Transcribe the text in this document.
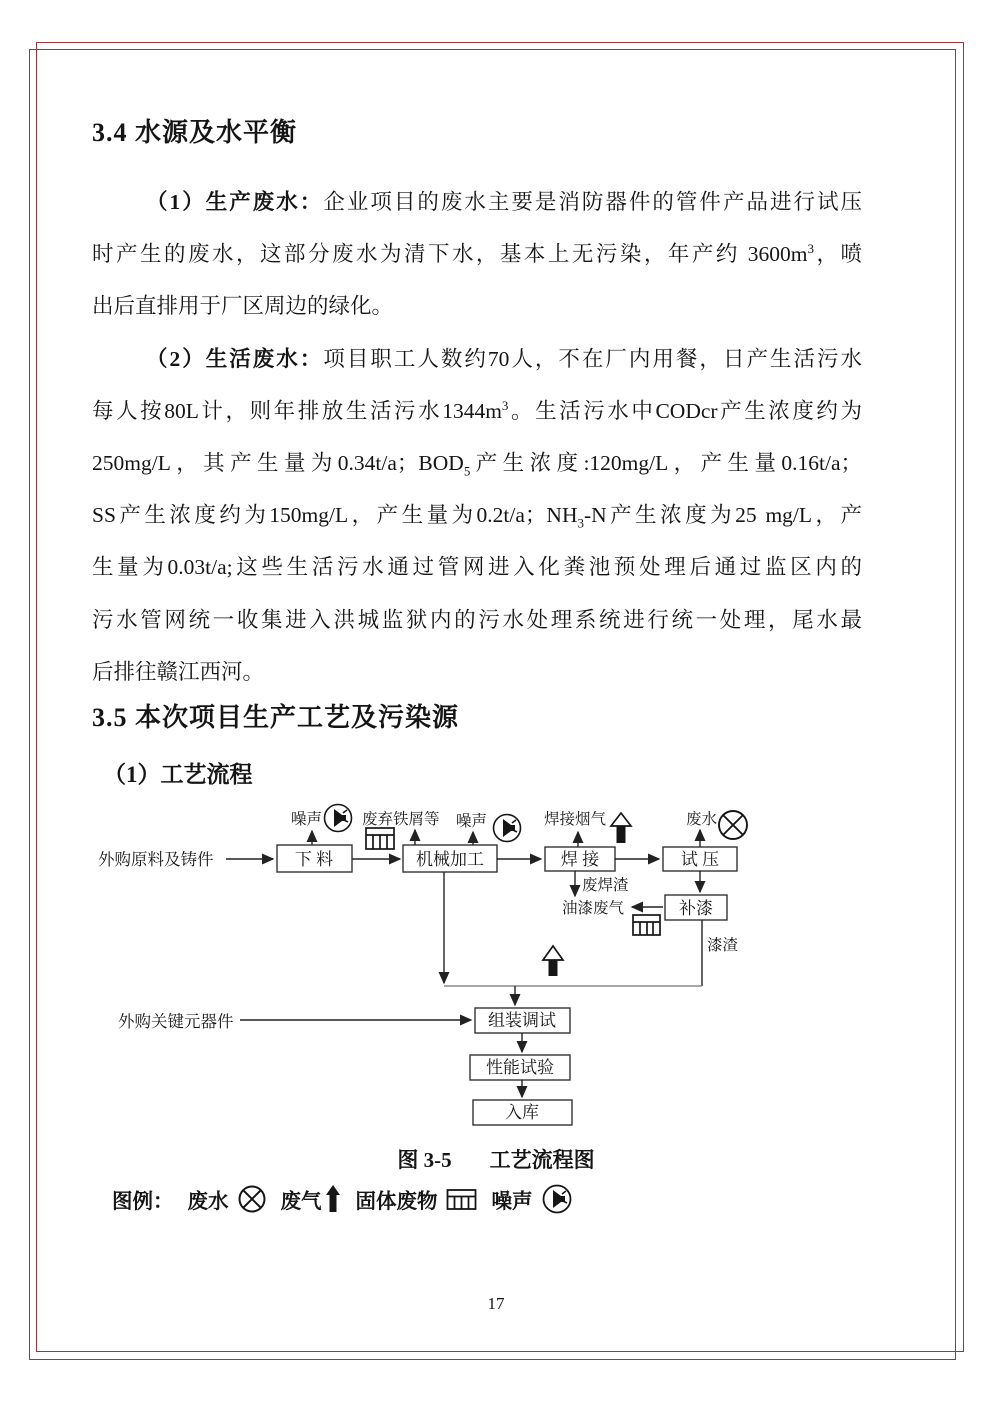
3.4 水源及水平衡
（1）生产废水：企业项目的废水主要是消防器件的管件产品进行试压
时产生的废水，这部分废水为清下水，基本上无污染，年产约 $3600m^3$，喷
出后直排用于厂区周边的绿化。
（2）生活废水：项目职工人数约70人，不在厂内用餐，日产生活污水
每人按80L计，则年排放生活污水$1344m^3$。生活污水中CODcr产生浓度约为
250mg/L，其产生量为0.34t/a；$BOD_5$产生浓度:120mg/L，产生量0.16t/a；
SS产生浓度约为150mg/L，产生量为0.2t/a；$NH_3-N$产生浓度为25 mg/L，产
生量为0.03t/a;这些生活污水通过管网进入化粪池预处理后通过监区内的
污水管网统一收集进入洪城监狱内的污水处理系统进行统一处理，尾水最
后排往赣江西河。
3.5 本次项目生产工艺及污染源
（1）工艺流程
外购原料及铸件
外购关键元器件
下 料	机械加工	焊 接	试 压
补漆
组装调试
性能试验
入库
噪声	废弃铁屑等 噪声	焊接烟气	废水
废焊渣
油漆废气
漆渣
图 3-5 工艺流程图
图例： 废水	废气 固体废物	噪声
17
